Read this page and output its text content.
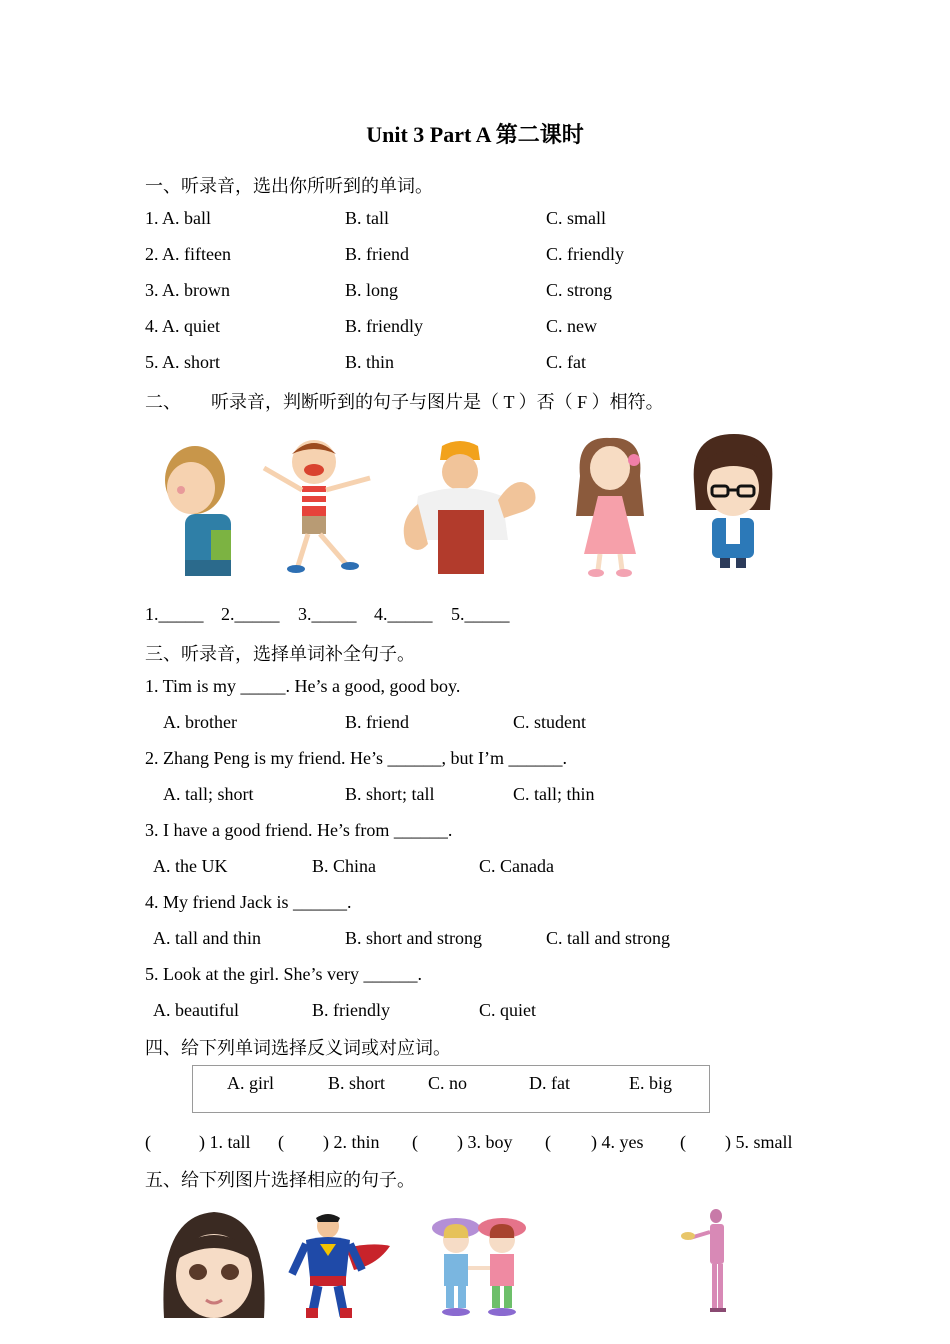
Unit 3 Part A 第二课时
一、听录音，选出你所听到的单词。
1. A. ball	B. tall	C. small
2. A. fifteen	B. friend	C. friendly
3. A. brown	B. long	C. strong
4. A. quiet	B. friendly	C. new
5. A. short	B. thin	C. fat
二、 听录音，判断听到的句子与图片是（ T ）否（ F ）相符。
1._____ 2._____ 3._____ 4._____ 5._____
三、听录音，选择单词补全句子。
1. Tim is my _____. He’s a good, good boy.
A. brother	B. friend	C. student
2. Zhang Peng is my friend. He’s ______, but I’m ______.
A. tall; short	B. short; tall	C. tall; thin
3. I have a good friend. He’s from ______.
A. the UK	B. China	C. Canada
4. My friend Jack is ______.
A. tall and thin	B. short and strong	C. tall and strong
5. Look at the girl. She’s very ______.
A. beautiful	B. friendly	C. quiet
四、给下列单词选择反义词或对应词。
A. girl	B. short C. no	D. fat	E. big
(	) 1. tall ( ) 2. thin ( ) 3. boy ( ) 4. yes ( ) 5. small
五、给下列图片选择相应的句子。
